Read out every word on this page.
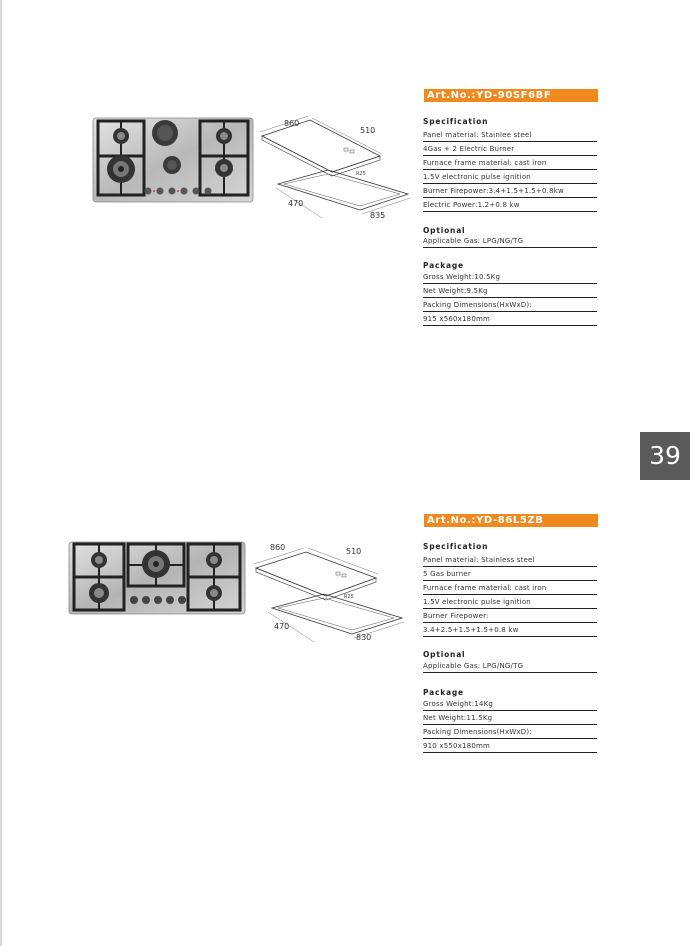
860
510
R25
470
835
Art.No.:YD-90SF6BF
Specification
Panel material: Stainlee steel
4Gas + 2 Electric Burner
Furnace frame material: cast iron
1.5V electronic pulse ignition
Burner Firepower:3.4+1.5+1.5+0.8kw
Electric Power:1.2+0.8 kw
Optional
Applicable Gas: LPG/NG/TG
Package
Gross Weight:10.5Kg
Net Weight:9.5Kg
Packing Dimensions(HxWxD):
915 x560x180mm
39
860	510
R25
470
830
Art.No.:YD-86L5ZB
Specification
Panel material: Stainless steel
5 Gas burner
Furnace frame material: cast iron
1.5V electronic pulse ignition
Burner Firepower:
3.4+2.5+1.5+1.5+0.8 kw
Optional
Applicable Gas: LPG/NG/TG
Package
Gross Weight:14Kg
Net Weight:11.5Kg
Packing Dimensions(HxWxD):
910 x550x180mm
